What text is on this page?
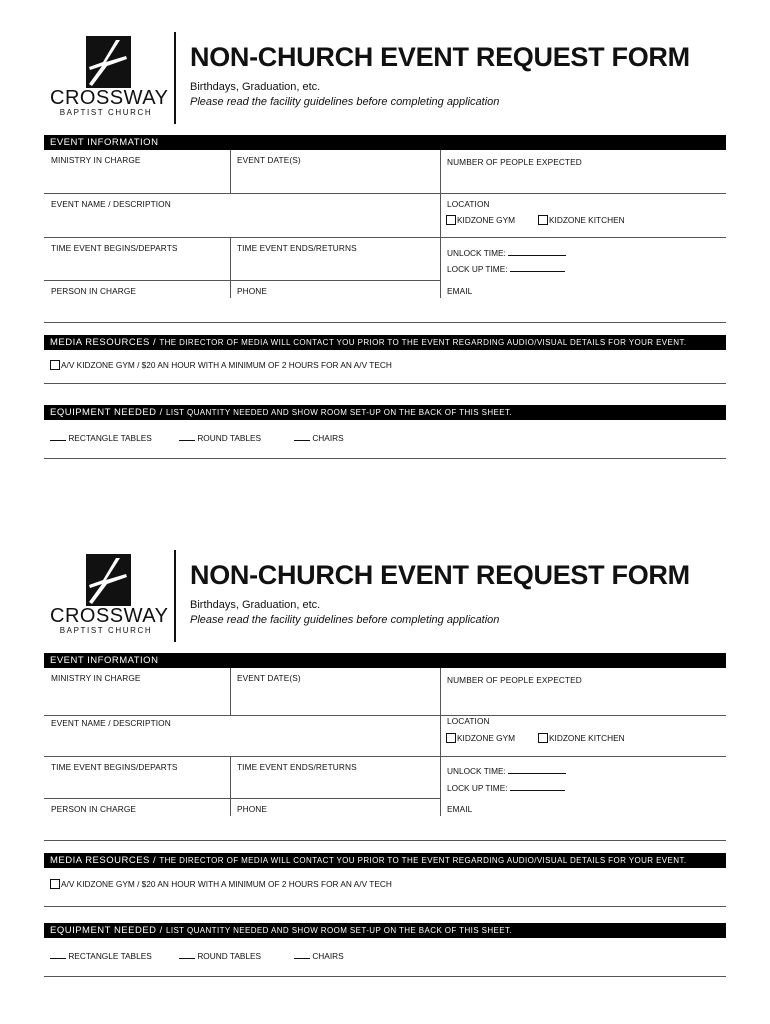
CROSSWAY
BAPTIST CHURCH
NON-CHURCH EVENT REQUEST FORM
Birthdays, Graduation, etc.
Please read the facility guidelines before completing application
EVENT INFORMATION
MINISTRY IN CHARGE	EVENT DATE(S)	NUMBER OF PEOPLE EXPECTED
EVENT NAME / DESCRIPTION	LOCATION
KIDZONE GYM	KIDZONE KITCHEN
TIME EVENT BEGINS/DEPARTS	TIME EVENT ENDS/RETURNS	UNLOCK TIME:
LOCK UP TIME:
PERSON IN CHARGE	PHONE	EMAIL
MEDIA RESOURCES / THE DIRECTOR OF MEDIA WILL CONTACT YOU PRIOR TO THE EVENT REGARDING AUDIO/VISUAL DETAILS FOR YOUR EVENT.
A/V KIDZONE GYM / $20 AN HOUR WITH A MINIMUM OF 2 HOURS FOR AN A/V TECH
EQUIPMENT NEEDED / LIST QUANTITY NEEDED AND SHOW ROOM SET-UP ON THE BACK OF THIS SHEET.
RECTANGLE TABLES	ROUND TABLES	CHAIRS
CROSSWAY
BAPTIST CHURCH
NON-CHURCH EVENT REQUEST FORM
Birthdays, Graduation, etc.
Please read the facility guidelines before completing application
EVENT INFORMATION
MINISTRY IN CHARGE	EVENT DATE(S)	NUMBER OF PEOPLE EXPECTED
EVENT NAME / DESCRIPTION	LOCATION
KIDZONE GYM	KIDZONE KITCHEN
TIME EVENT BEGINS/DEPARTS	TIME EVENT ENDS/RETURNS	UNLOCK TIME:
LOCK UP TIME:
PERSON IN CHARGE	PHONE	EMAIL
MEDIA RESOURCES / THE DIRECTOR OF MEDIA WILL CONTACT YOU PRIOR TO THE EVENT REGARDING AUDIO/VISUAL DETAILS FOR YOUR EVENT.
A/V KIDZONE GYM / $20 AN HOUR WITH A MINIMUM OF 2 HOURS FOR AN A/V TECH
EQUIPMENT NEEDED / LIST QUANTITY NEEDED AND SHOW ROOM SET-UP ON THE BACK OF THIS SHEET.
RECTANGLE TABLES	ROUND TABLES	CHAIRS
